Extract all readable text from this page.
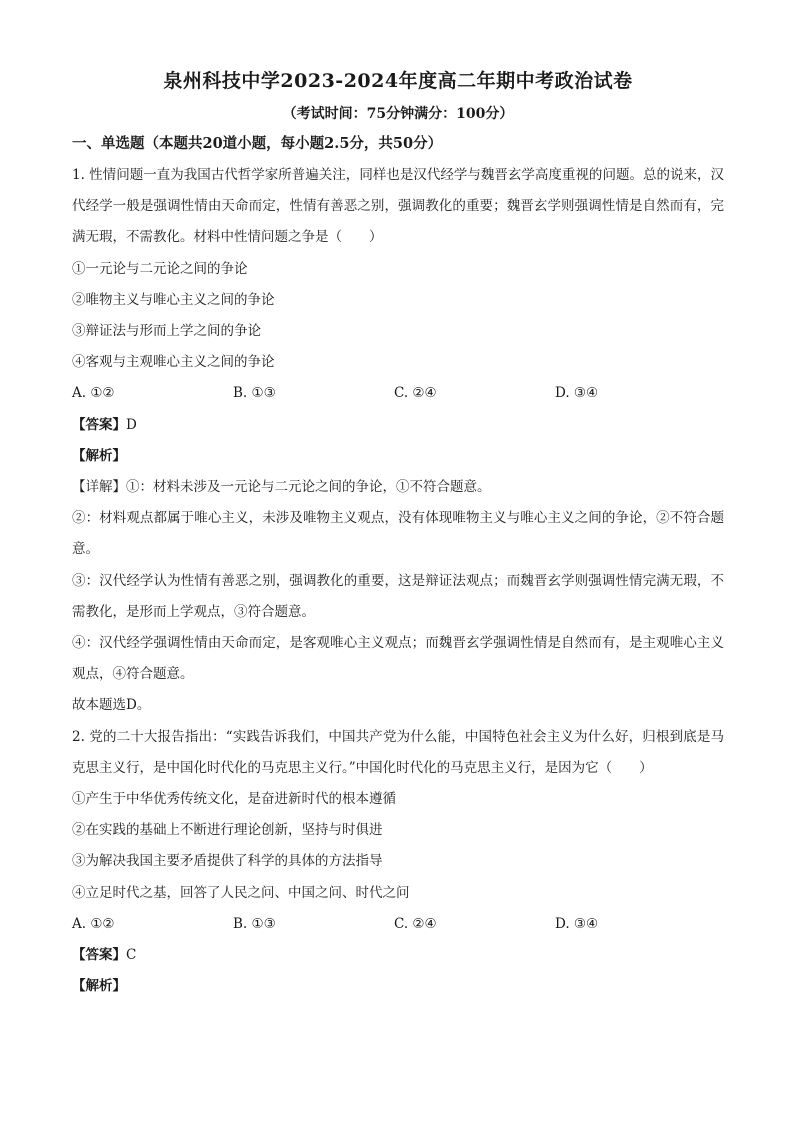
泉州科技中学2023-2024年度高二年期中考政治试卷
（考试时间：75分钟满分：100分）
一、单选题（本题共20道小题，每小题2.5分，共50分）

1. 性情问题一直为我国古代哲学家所普遍关注，同样也是汉代经学与魏晋玄学高度重视的问题。总的说来，汉代经学一般是强调性情由天命而定，性情有善恶之别，强调教化的重要；魏晋玄学则强调性情是自然而有，完满无瑕，不需教化。材料中性情问题之争是（　　）

①一元论与二元论之间的争论

②唯物主义与唯心主义之间的争论

③辩证法与形而上学之间的争论

④客观与主观唯心主义之间的争论

A. ①②	B. ①③	C. ②④	D. ③④

【答案】D

【解析】

【详解】①：材料未涉及一元论与二元论之间的争论，①不符合题意。

②：材料观点都属于唯心主义，未涉及唯物主义观点，没有体现唯物主义与唯心主义之间的争论，②不符合题意。

③：汉代经学认为性情有善恶之别，强调教化的重要，这是辩证法观点；而魏晋玄学则强调性情完满无瑕，不需教化，是形而上学观点，③符合题意。

④：汉代经学强调性情由天命而定，是客观唯心主义观点；而魏晋玄学强调性情是自然而有，是主观唯心主义观点，④符合题意。

故本题选D。

2. 党的二十大报告指出：“实践告诉我们，中国共产党为什么能，中国特色社会主义为什么好，归根到底是马克思主义行，是中国化时代化的马克思主义行。”中国化时代化的马克思主义行，是因为它（　　）

①产生于中华优秀传统文化，是奋进新时代的根本遵循

②在实践的基础上不断进行理论创新，坚持与时俱进

③为解决我国主要矛盾提供了科学的具体的方法指导

④立足时代之基，回答了人民之问、中国之问、时代之问

A. ①②	B. ①③	C. ②④	D. ③④

【答案】C

【解析】
